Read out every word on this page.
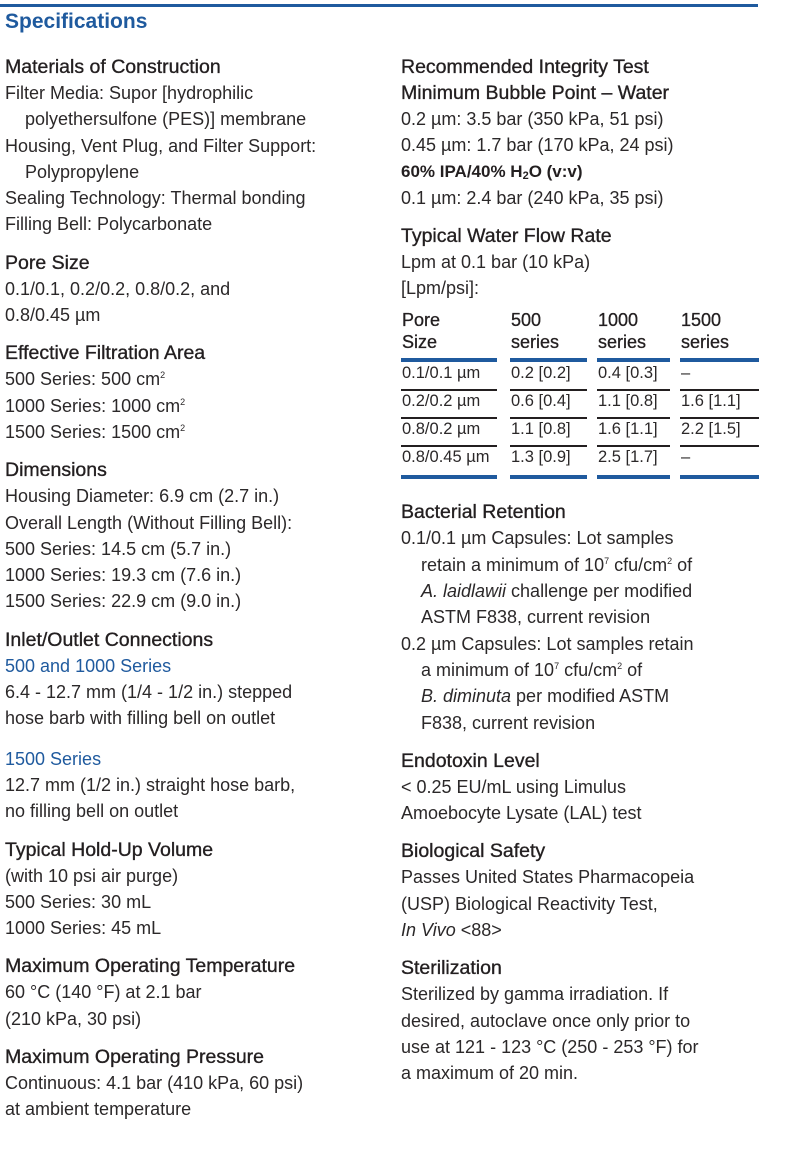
Specifications
Materials of Construction
Filter Media: Supor [hydrophilic
polyethersulfone (PES)] membrane
Housing, Vent Plug, and Filter Support:
Polypropylene
Sealing Technology: Thermal bonding
Filling Bell: Polycarbonate
Pore Size
0.1/0.1, 0.2/0.2, 0.8/0.2, and
0.8/0.45 µm
Effective Filtration Area
500 Series: 500 $cm^2$
1000 Series: 1000 $cm^2$
1500 Series: 1500 $cm^2$
Dimensions
Housing Diameter: 6.9 cm (2.7 in.)
Overall Length (Without Filling Bell):
500 Series: 14.5 cm (5.7 in.)
1000 Series: 19.3 cm (7.6 in.)
1500 Series: 22.9 cm (9.0 in.)
Inlet/Outlet Connections
500 and 1000 Series
6.4 - 12.7 mm (1/4 - 1/2 in.) stepped
hose barb with filling bell on outlet
1500 Series
12.7 mm (1/2 in.) straight hose barb,
no filling bell on outlet
Typical Hold-Up Volume
(with 10 psi air purge)
500 Series: 30 mL
1000 Series: 45 mL
Maximum Operating Temperature
60 °C (140 °F) at 2.1 bar
(210 kPa, 30 psi)
Maximum Operating Pressure
Continuous: 4.1 bar (410 kPa, 60 psi)
at ambient temperature
Recommended Integrity Test
Minimum Bubble Point – Water
0.2 µm: 3.5 bar (350 kPa, 51 psi)
0.45 µm: 1.7 bar (170 kPa, 24 psi)
60% IPA/40% $H_2O$ (v:v)
0.1 µm: 2.4 bar (240 kPa, 35 psi)
Typical Water Flow Rate
Lpm at 0.1 bar (10 kPa)
[Lpm/psi]:
Pore
Size
500
series
1000
series
1500
series
0.1/0.1 µm 0.2 [0.2] 0.4 [0.3] –
0.2/0.2 µm 0.6 [0.4] 1.1 [0.8] 1.6 [1.1]
0.8/0.2 µm 1.1 [0.8] 1.6 [1.1] 2.2 [1.5]
0.8/0.45 µm 1.3 [0.9] 2.5 [1.7] –
Bacterial Retention
0.1/0.1 µm Capsules: Lot samples
retain a minimum of $10^7$ cfu/$cm^2$ of
A. laidlawii challenge per modified
ASTM F838, current revision
0.2 µm Capsules: Lot samples retain
a minimum of $10^7$ cfu/$cm^2$ of
B. diminuta per modified ASTM
F838, current revision
Endotoxin Level
< 0.25 EU/mL using Limulus
Amoebocyte Lysate (LAL) test
Biological Safety
Passes United States Pharmacopeia
(USP) Biological Reactivity Test,
In Vivo <88>
Sterilization
Sterilized by gamma irradiation. If
desired, autoclave once only prior to
use at 121 - 123 °C (250 - 253 °F) for
a maximum of 20 min.
